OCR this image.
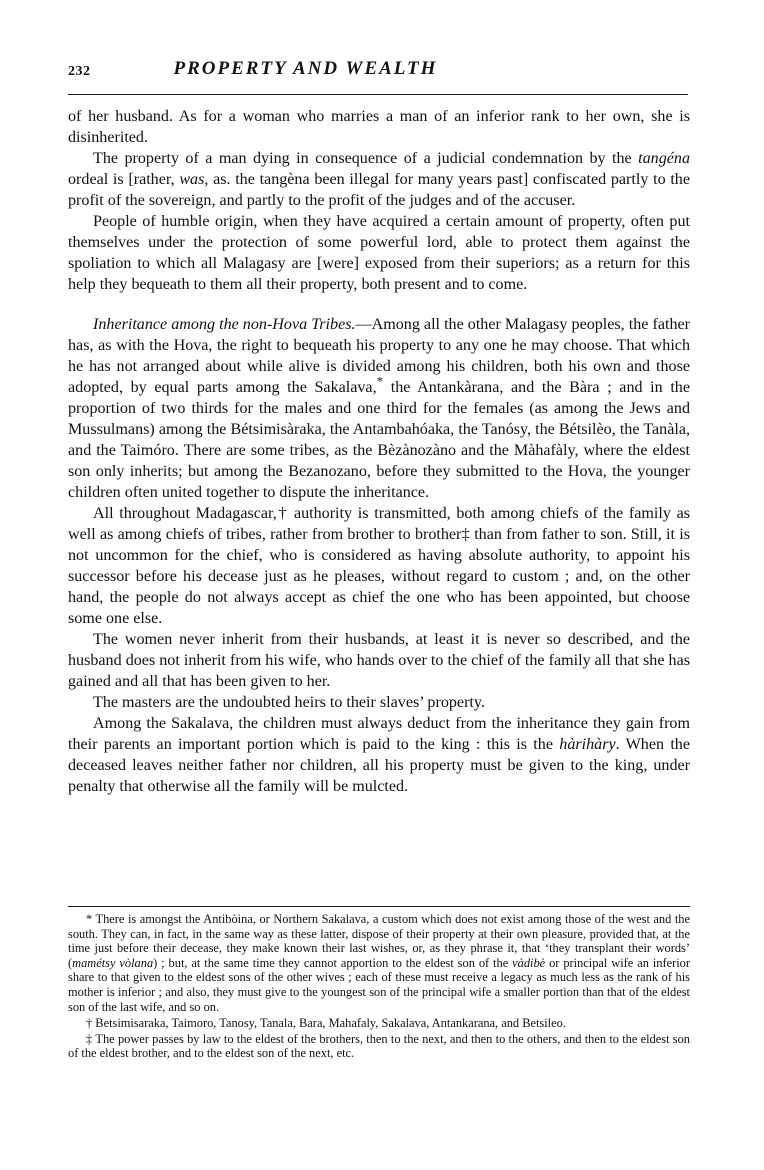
232	PROPERTY AND WEALTH

of her husband. As for a woman who marries a man of an inferior rank to her own, she is disinherited.

The property of a man dying in consequence of a judicial condemnation by the tangéna ordeal is [rather, was, as. the tangèna been illegal for many years past] confiscated partly to the profit of the sovereign, and partly to the profit of the judges and of the accuser.

People of humble origin, when they have acquired a certain amount of property, often put themselves under the protection of some powerful lord, able to protect them against the spoliation to which all Malagasy are [were] exposed from their superiors; as a return for this help they bequeath to them all their property, both present and to come.

Inheritance among the non-Hova Tribes.—Among all the other Malagasy peoples, the father has, as with the Hova, the right to bequeath his property to any one he may choose. That which he has not arranged about while alive is divided among his children, both his own and those adopted, by equal parts among the Sakalava,* the Antankàrana, and the Bàra ; and in the proportion of two thirds for the males and one third for the females (as among the Jews and Mussulmans) among the Bétsimisàraka, the Antambahóaka, the Tanósy, the Bétsilèo, the Tanàla, and the Taimóro. There are some tribes, as the Bèzànozàno and the Màhafàly, where the eldest son only inherits; but among the Bezanozano, before they submitted to the Hova, the younger children often united together to dispute the inheritance.

All throughout Madagascar,† authority is transmitted, both among chiefs of the family as well as among chiefs of tribes, rather from brother to brother‡ than from father to son. Still, it is not uncommon for the chief, who is considered as having absolute authority, to appoint his successor before his decease just as he pleases, without regard to custom ; and, on the other hand, the people do not always accept as chief the one who has been appointed, but choose some one else.

The women never inherit from their husbands, at least it is never so described, and the husband does not inherit from his wife, who hands over to the chief of the family all that she has gained and all that has been given to her.

The masters are the undoubted heirs to their slaves’ property.

Among the Sakalava, the children must always deduct from the inheritance they gain from their parents an important portion which is paid to the king : this is the hàrihàry. When the deceased leaves neither father nor children, all his property must be given to the king, under penalty that otherwise all the family will be mulcted.

* There is amongst the Antibòina, or Northern Sakalava, a custom which does not exist among those of the west and the south. They can, in fact, in the same way as these latter, dispose of their property at their own pleasure, provided that, at the time just before their decease, they make known their last wishes, or, as they phrase it, that ‘they transplant their words’ (mamétsy vòlana) ; but, at the same time they cannot apportion to the eldest son of the vàdibè or principal wife an inferior share to that given to the eldest sons of the other wives ; each of these must receive a legacy as much less as the rank of his mother is inferior ; and also, they must give to the youngest son of the principal wife a smaller portion than that of the eldest son of the last wife, and so on.

† Betsimisaraka, Taimoro, Tanosy, Tanala, Bara, Mahafaly, Sakalava, Antankarana, and Betsileo.

‡ The power passes by law to the eldest of the brothers, then to the next, and then to the others, and then to the eldest son of the eldest brother, and to the eldest son of the next, etc.
